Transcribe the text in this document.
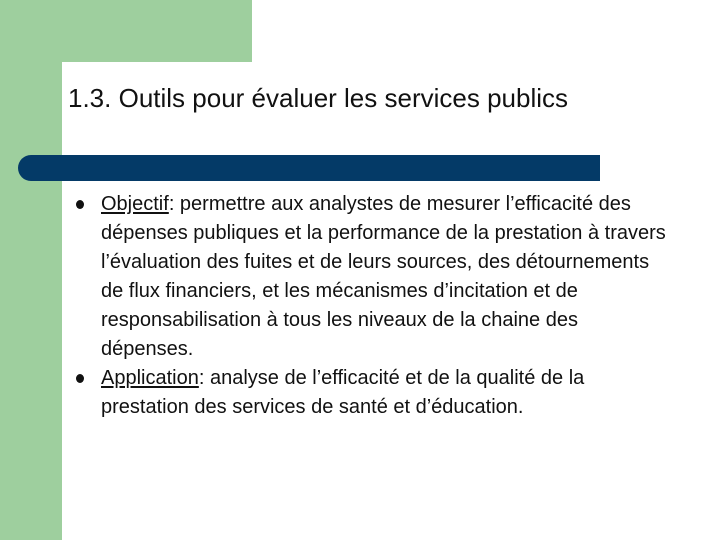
1.3. Outils pour évaluer les services publics
Objectif: permettre aux analystes de mesurer l’efficacité des dépenses publiques et la performance de la prestation à travers l’évaluation des fuites et de leurs sources, des détournements de flux financiers, et les mécanismes d’incitation et de responsabilisation à tous les niveaux de la chaine des dépenses.
Application: analyse de l’efficacité et de la qualité de la prestation des services de santé et d’éducation.
